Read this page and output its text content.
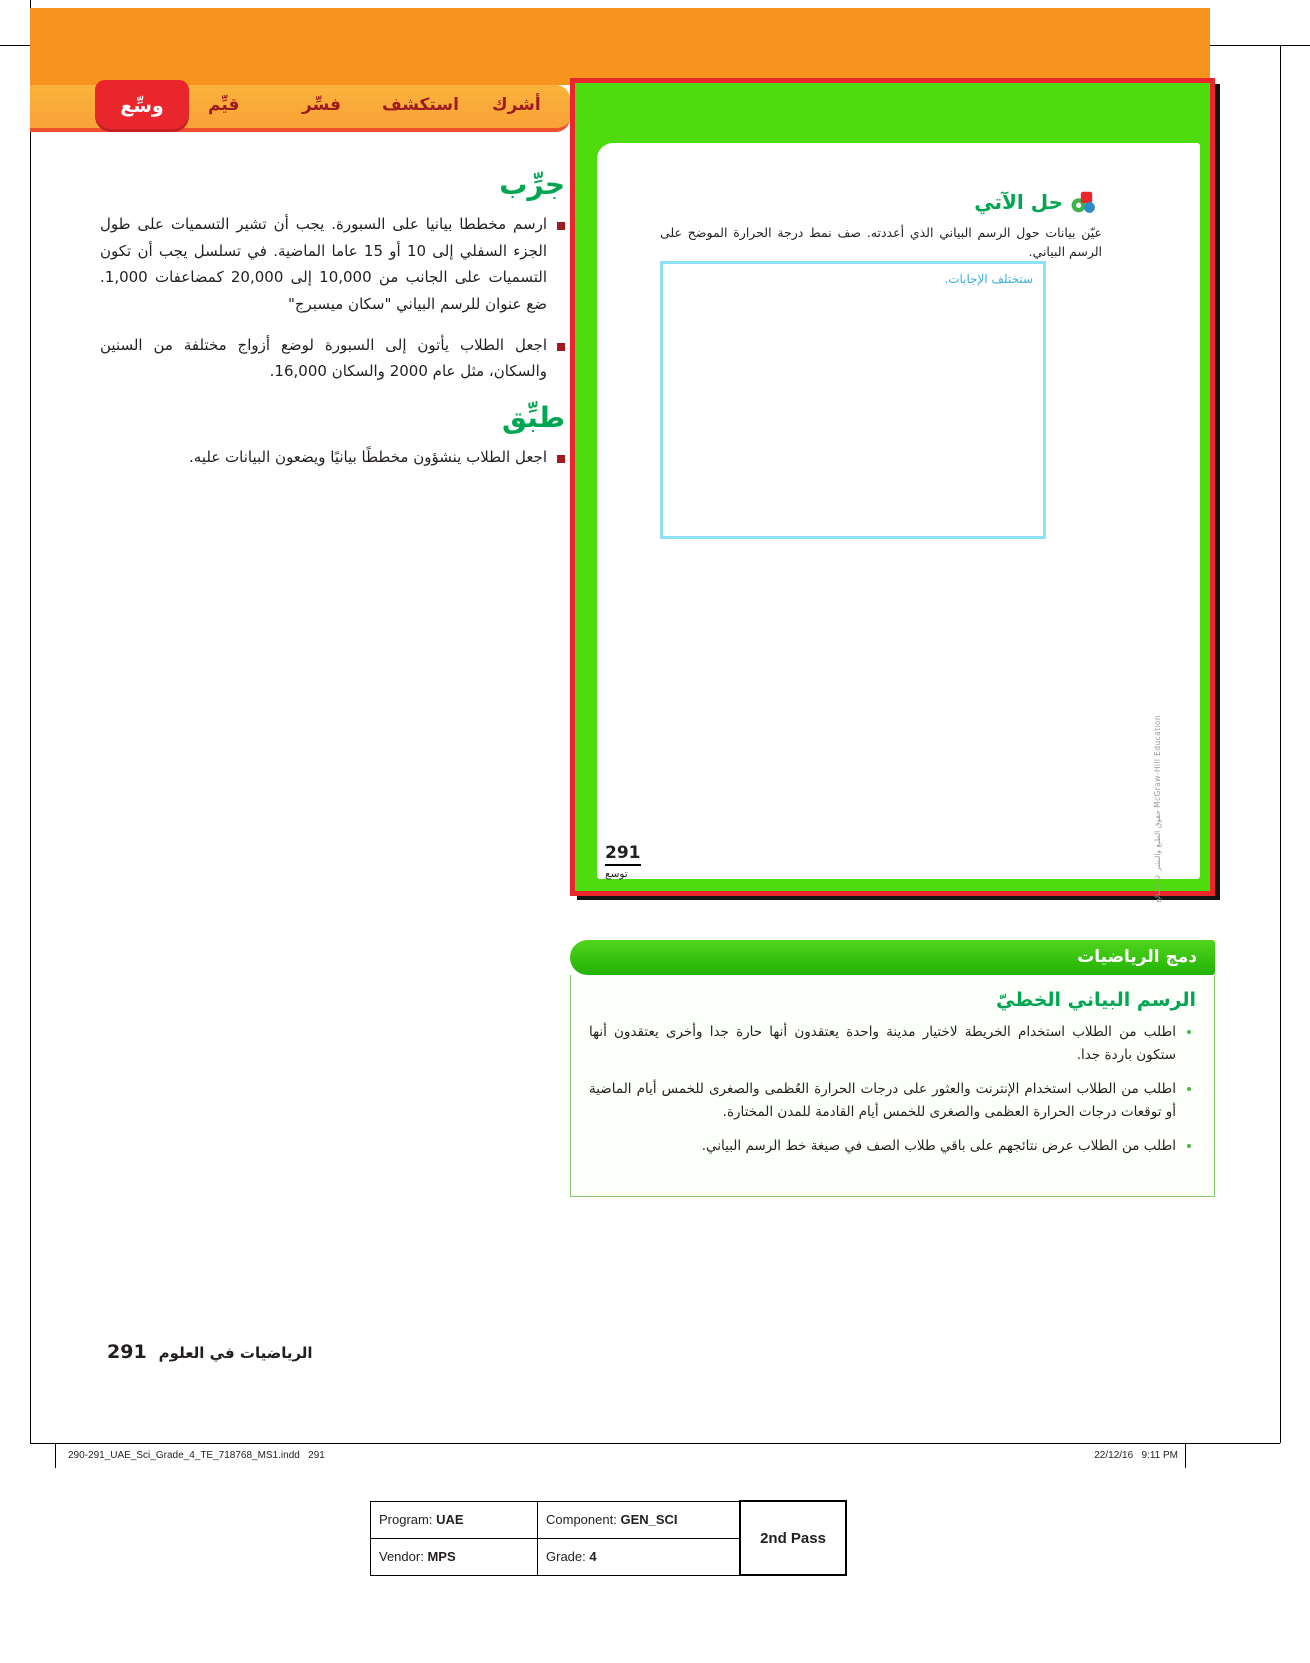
أشرك
استكشف
فسِّر
قيِّم
وسِّع
جرِّب
ارسم مخططا بيانيا على السبورة. يجب أن تشير التسميات على طول الجزء السفلي إلى 10 أو 15 عاما الماضية. في تسلسل يجب أن تكون التسميات على الجانب من 10,000 إلى 20,000 كمضاعفات 1,000. ضع عنوان للرسم البياني "سكان ميسبرج"
اجعل الطلاب يأتون إلى السبورة لوضع أزواج مختلفة من السنين والسكان، مثل عام 2000 والسكان 16,000.
طبِّق
اجعل الطلاب ينشؤون مخططًا بيانيًا ويضعون البيانات عليه.
حل الآتي
عيّن بيانات حول الرسم البياني الذي أعددته. صف نمط درجة الحرارة الموضح على الرسم البياني.
ستختلف الإجابات.
291
توسع	حقوق الطبع والنشر © لصالح McGraw-Hill Education
دمج الرياضيات
الرسم البياني الخطيّ
• اطلب من الطلاب استخدام الخريطة لاختيار مدينة واحدة يعتقدون أنها حارة جدا وأخرى يعتقدون أنها ستكون باردة جدا.
• اطلب من الطلاب استخدام الإنترنت والعثور على درجات الحرارة العُظمى والصغرى للخمس أيام الماضية أو توقعات درجات الحرارة العظمى والصغرى للخمس أيام القادمة للمدن المختارة.
• اطلب من الطلاب عرض نتائجهم على باقي طلاب الصف في صيغة خط الرسم البياني.
291 الرياضيات في العلوم
290-291_UAE_Sci_Grade_4_TE_718768_MS1.indd   291	22/12/16   9:11 PM
Program: UAE	Component: GEN_SCI	2nd Pass
Vendor: MPS	Grade: 4	
